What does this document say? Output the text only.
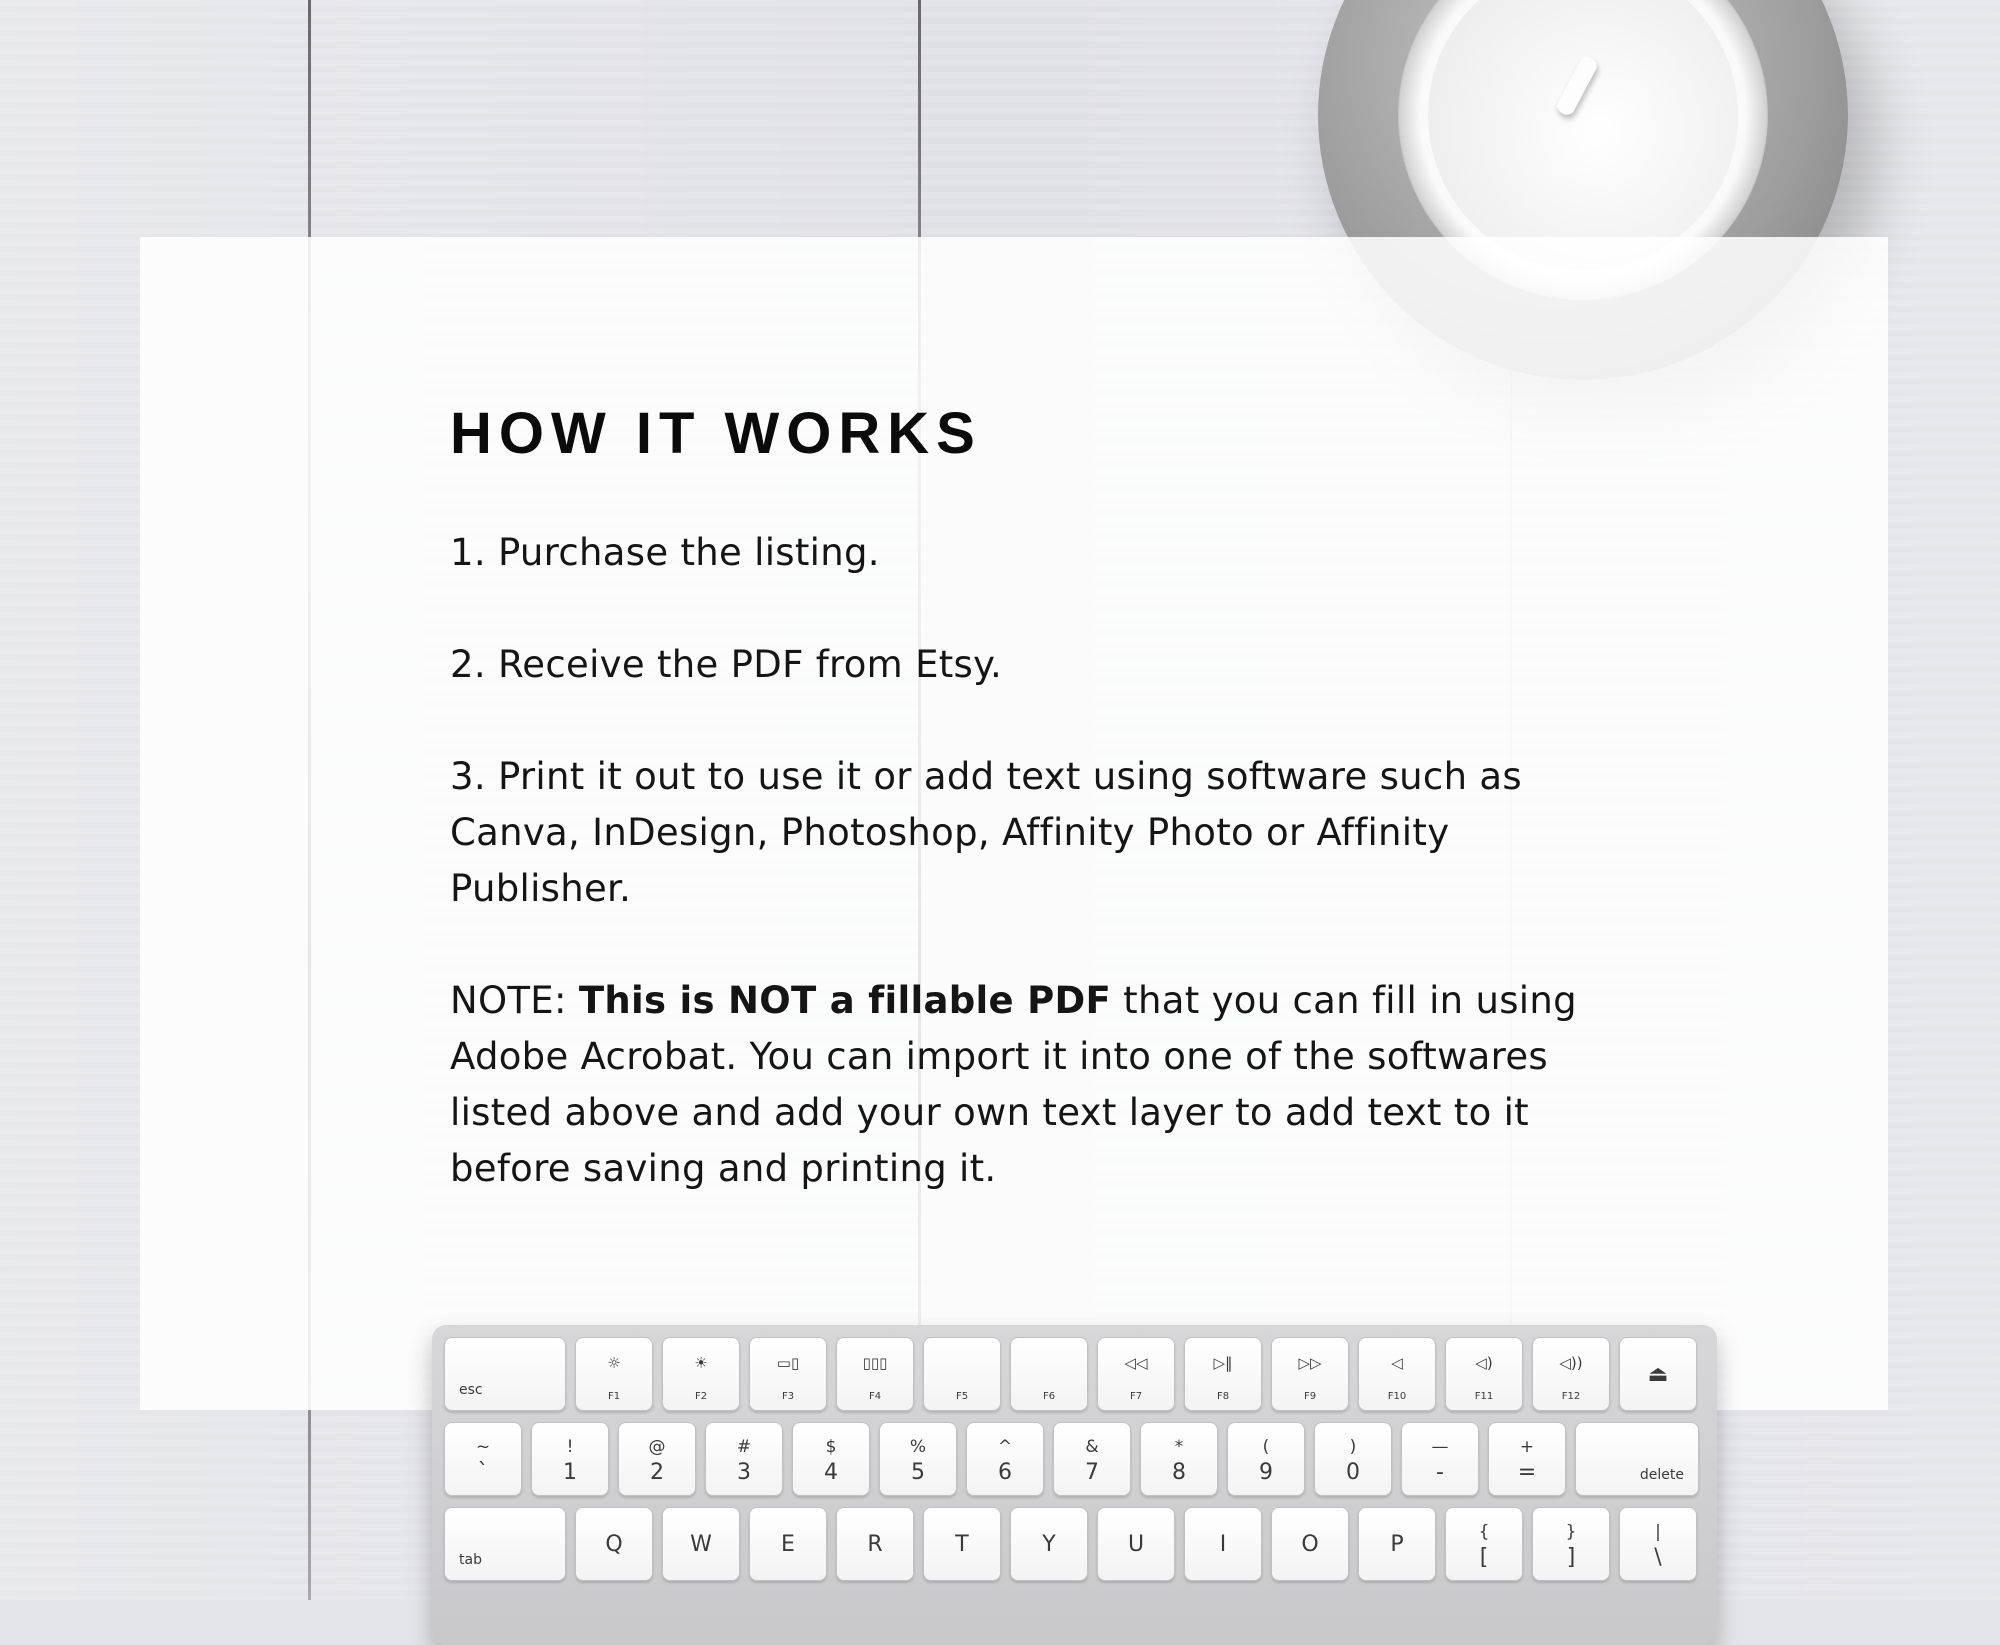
HOW IT WORKS

1. Purchase the listing.

2. Receive the PDF from Etsy.

3. Print it out to use it or add text using software such as Canva, InDesign, Photoshop, Affinity Photo or Affinity Publisher.

NOTE: This is NOT a fillable PDF that you can fill in using Adobe Acrobat. You can import it into one of the softwares listed above and add your own text layer to add text to it before saving and printing it.

esc
☼
F1
☀
F2
▭▯
F3
▯▯▯
F4	F5	F6
◁◁
F7
▷‖
F8
▷▷
F9
◁
F10
◁)
F11
◁))
F12
⏏
~
`
!
1
@
2
#
3
$
4
%
5
^
6
&
7
*
8
(
9
)
0
—
-
+
=	delete
tab
Q	W	E	R	T	Y	U	I	O	P	{
[
}
]
|
\
